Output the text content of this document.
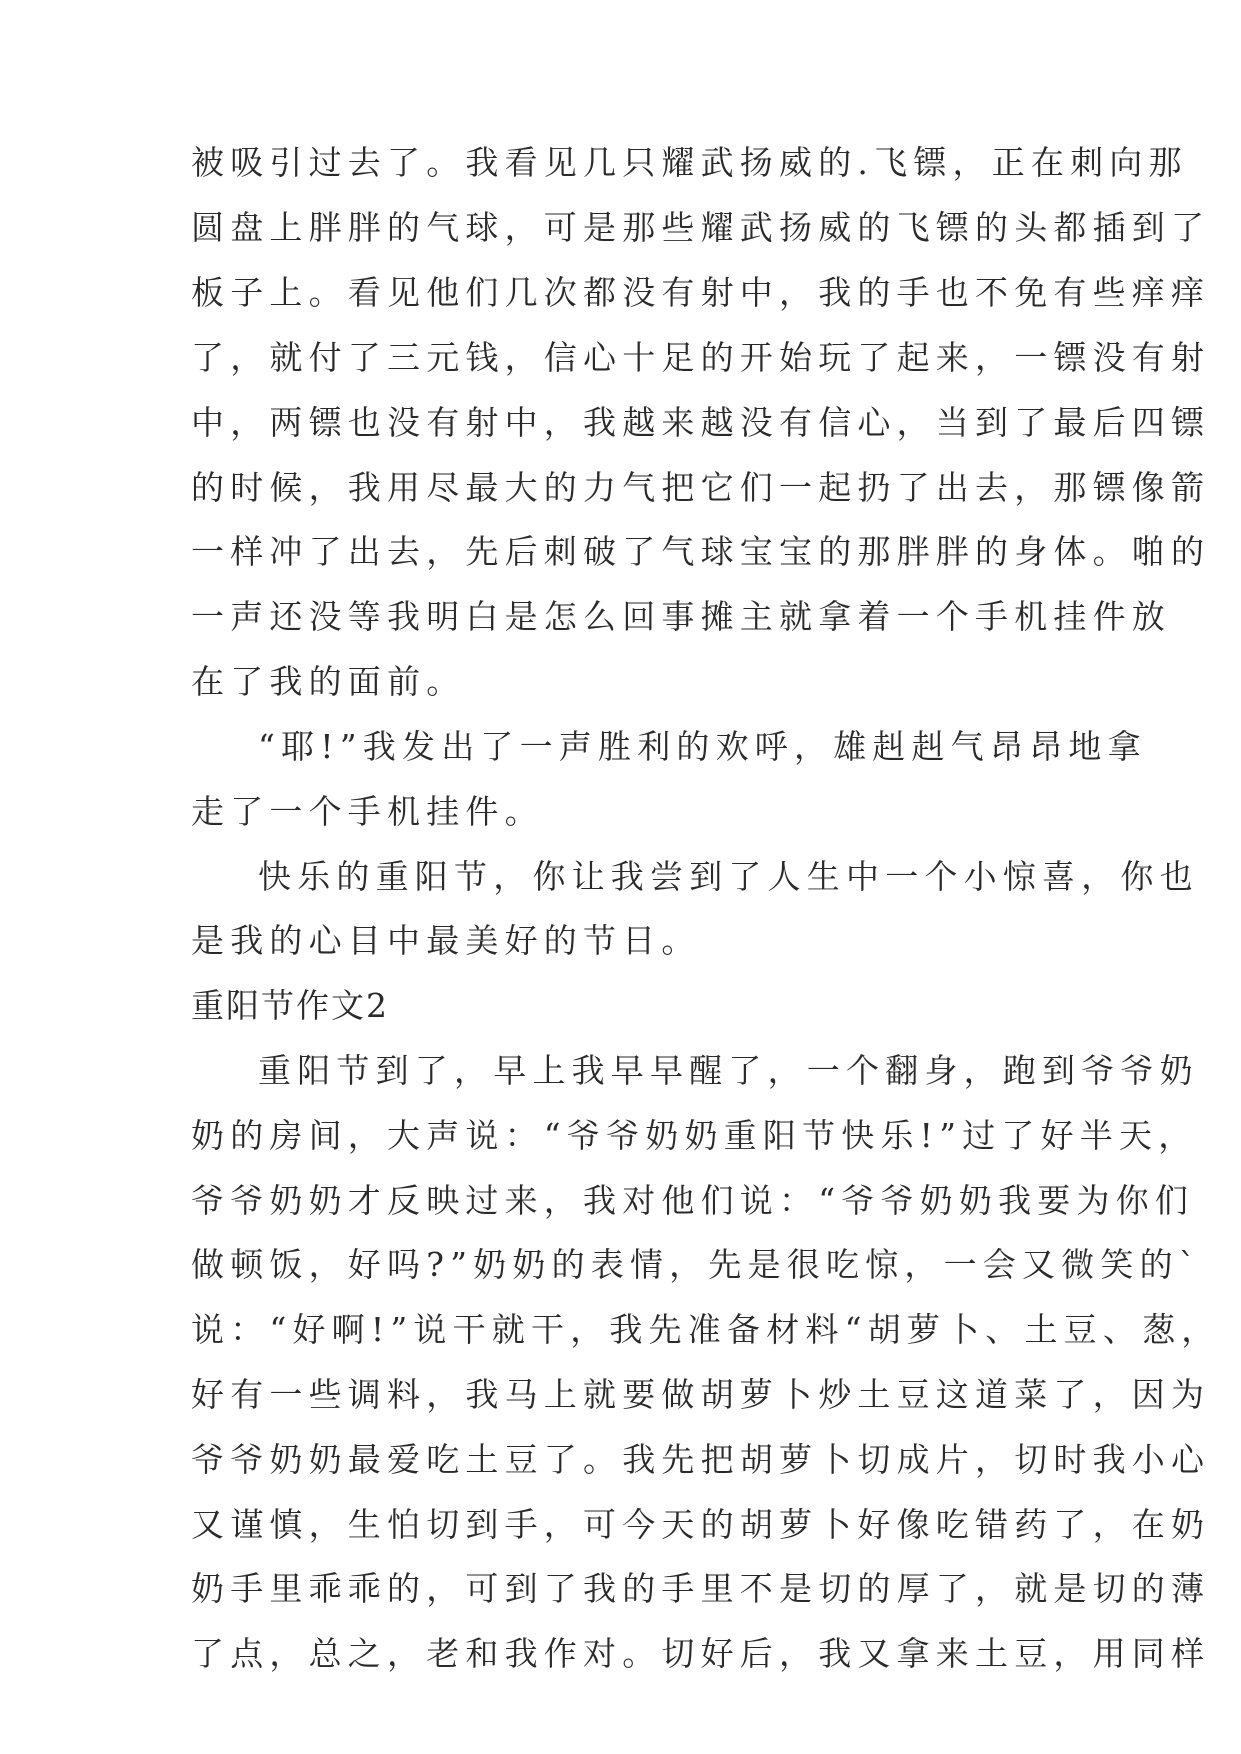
被吸引过去了。我看见几只耀武扬威的.飞镖，正在刺向那
圆盘上胖胖的气球，可是那些耀武扬威的飞镖的头都插到了
板子上。看见他们几次都没有射中，我的手也不免有些痒痒
了，就付了三元钱，信心十足的开始玩了起来，一镖没有射
中，两镖也没有射中，我越来越没有信心，当到了最后四镖
的时候，我用尽最大的力气把它们一起扔了出去，那镖像箭
一样冲了出去，先后刺破了气球宝宝的那胖胖的身体。啪的
一声还没等我明白是怎么回事摊主就拿着一个手机挂件放
在了我的面前。
“耶!”我发出了一声胜利的欢呼，雄赳赳气昂昂地拿
走了一个手机挂件。
快乐的重阳节，你让我尝到了人生中一个小惊喜，你也
是我的心目中最美好的节日。
重阳节作文2
重阳节到了，早上我早早醒了，一个翻身，跑到爷爷奶
奶的房间，大声说：“爷爷奶奶重阳节快乐!”过了好半天，
爷爷奶奶才反映过来，我对他们说：“爷爷奶奶我要为你们
做顿饭，好吗?”奶奶的表情，先是很吃惊，一会又微笑的`
说：“好啊!”说干就干，我先准备材料“胡萝卜、土豆、葱，
好有一些调料，我马上就要做胡萝卜炒土豆这道菜了，因为
爷爷奶奶最爱吃土豆了。我先把胡萝卜切成片，切时我小心
又谨慎，生怕切到手，可今天的胡萝卜好像吃错药了，在奶
奶手里乖乖的，可到了我的手里不是切的厚了，就是切的薄
了点，总之，老和我作对。切好后，我又拿来土豆，用同样
